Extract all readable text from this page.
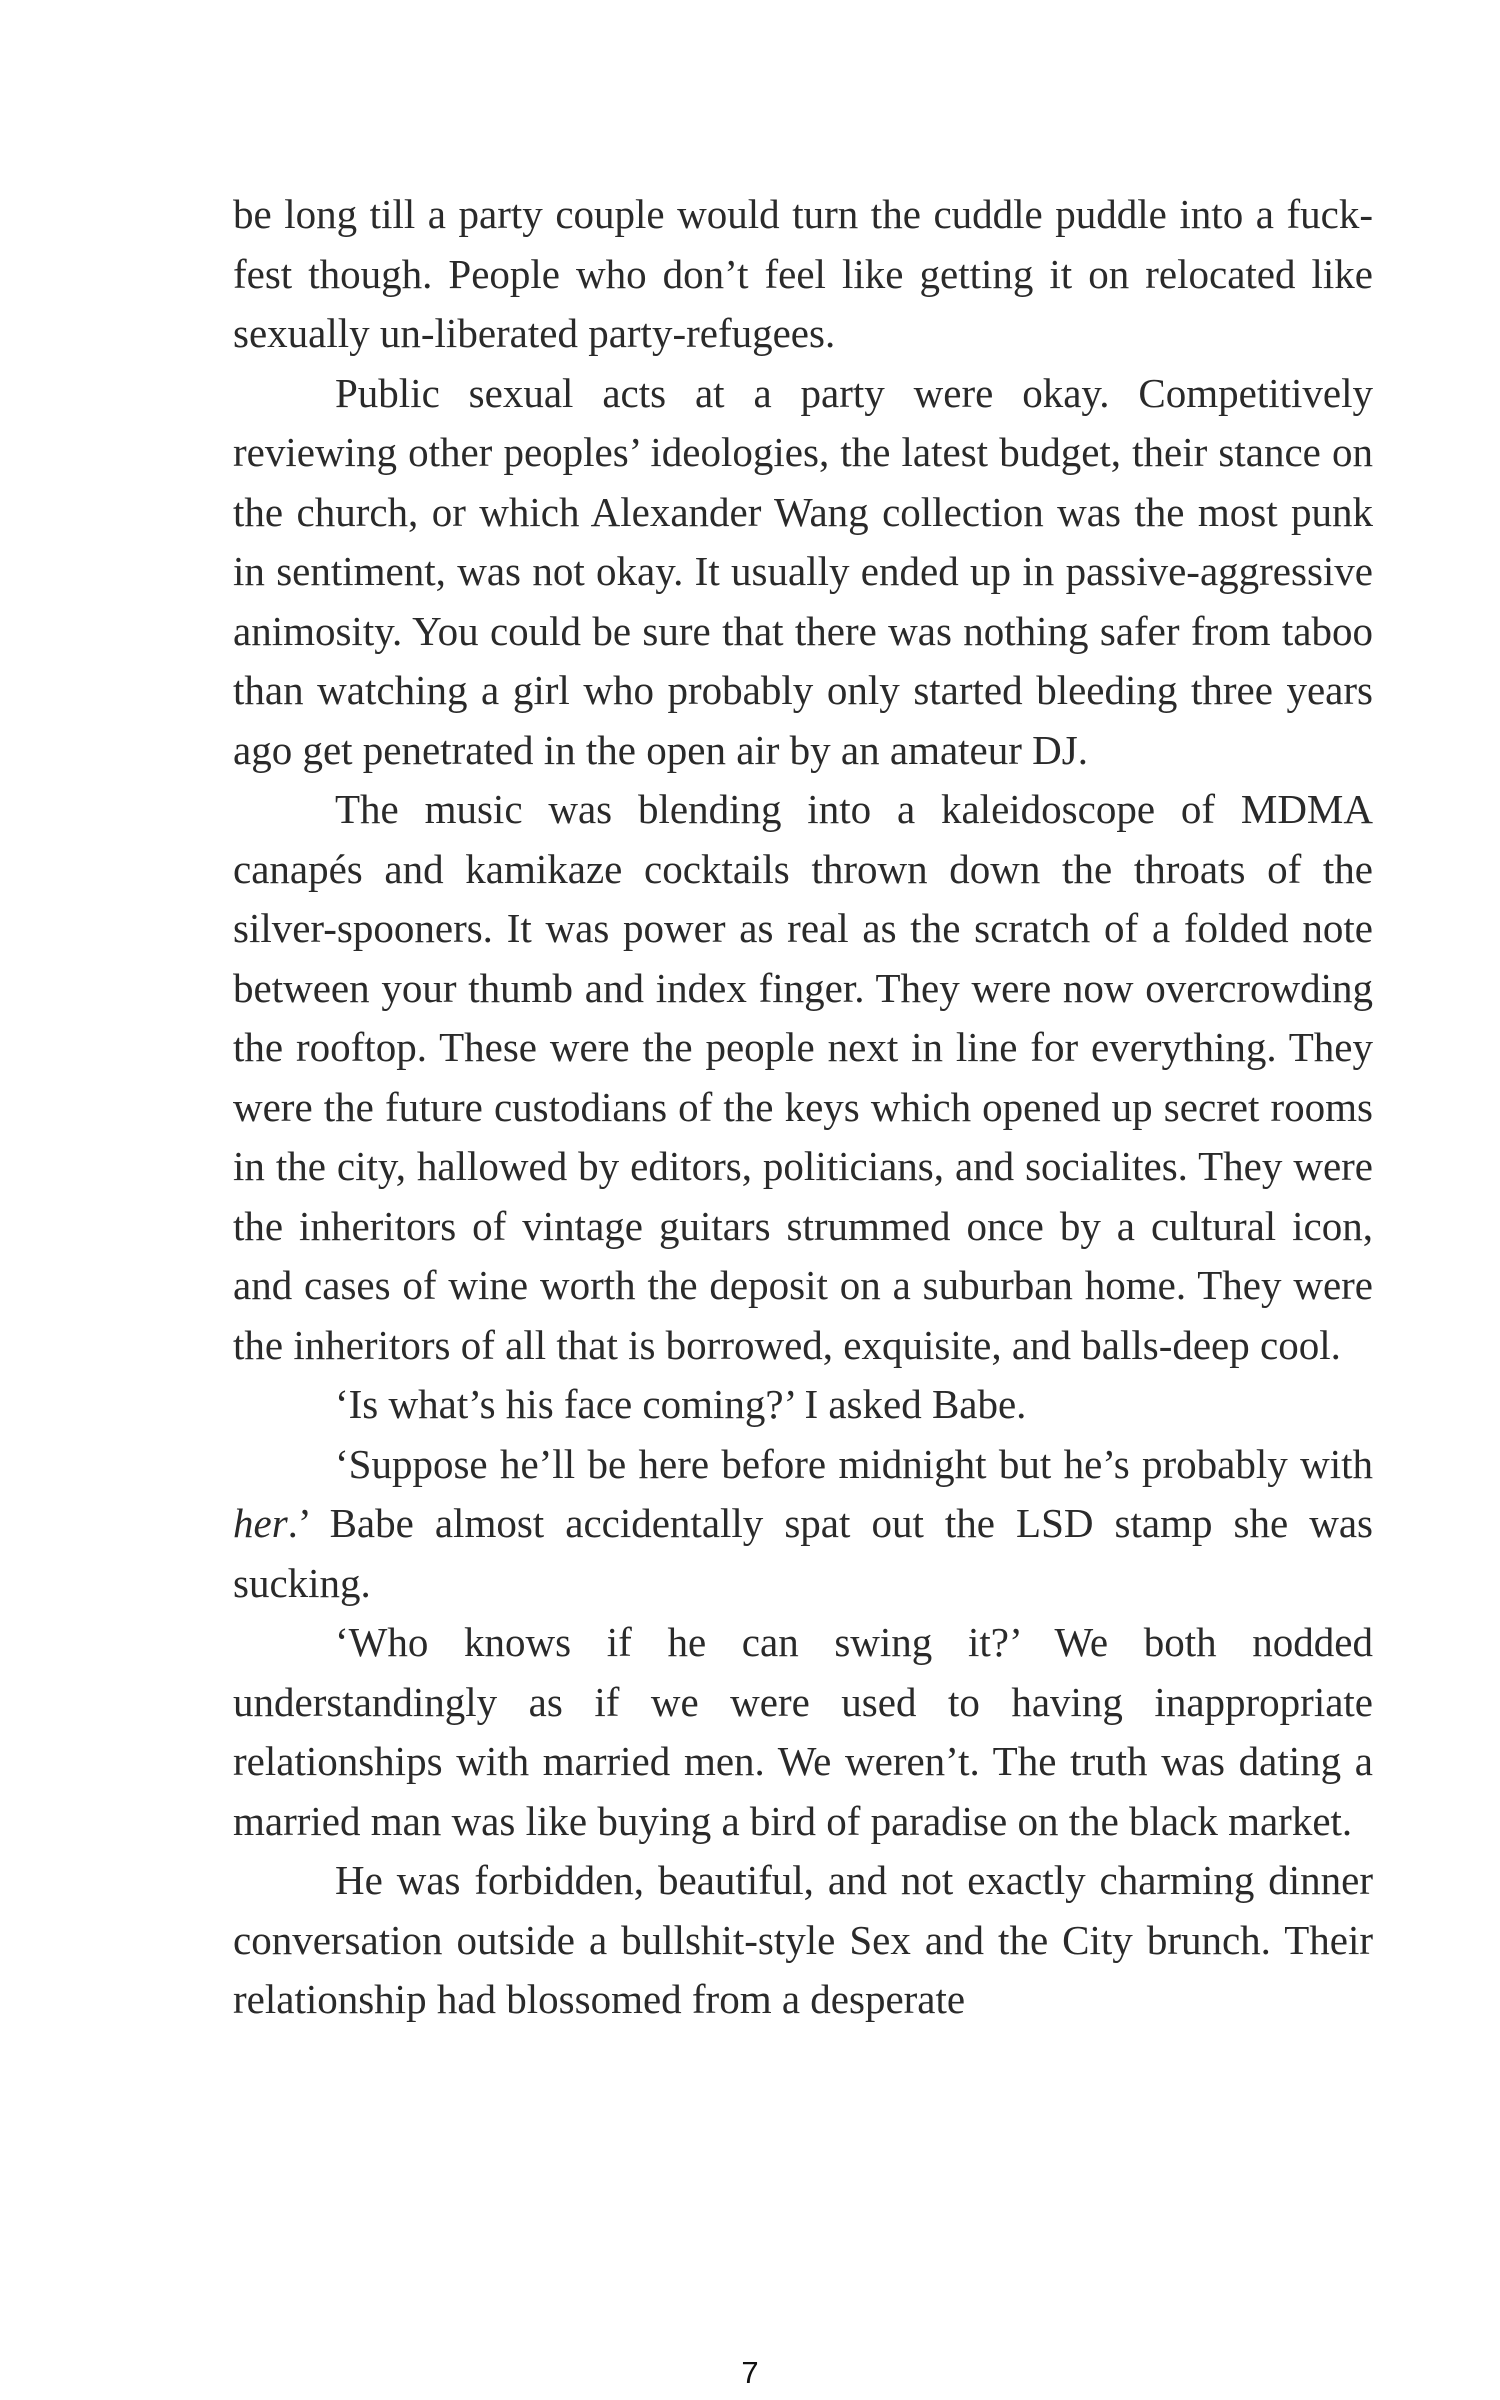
be long till a party couple would turn the cuddle puddle into a fuck-fest though. People who don’t feel like getting it on relocated like sexually un-liberated party-refugees.

Public sexual acts at a party were okay. Competitively reviewing other peoples’ ideologies, the latest budget, their stance on the church, or which Alexander Wang collection was the most punk in sentiment, was not okay. It usually ended up in passive-aggressive animosity. You could be sure that there was nothing safer from taboo than watching a girl who probably only started bleeding three years ago get penetrated in the open air by an amateur DJ.

The music was blending into a kaleidoscope of MDMA canapés and kamikaze cocktails thrown down the throats of the silver-spooners. It was power as real as the scratch of a folded note between your thumb and index finger. They were now overcrowding the rooftop. These were the people next in line for everything. They were the future custodians of the keys which opened up secret rooms in the city, hallowed by editors, politicians, and socialites. They were the inheritors of vintage guitars strummed once by a cultural icon, and cases of wine worth the deposit on a suburban home. They were the inheritors of all that is borrowed, exquisite, and balls-deep cool.

‘Is what’s his face coming?’ I asked Babe.

‘Suppose he’ll be here before midnight but he’s probably with her.’ Babe almost accidentally spat out the LSD stamp she was sucking.

‘Who knows if he can swing it?’ We both nodded understandingly as if we were used to having inappropriate relationships with married men. We weren’t. The truth was dating a married man was like buying a bird of paradise on the black market.

He was forbidden, beautiful, and not exactly charming dinner conversation outside a bullshit-style Sex and the City brunch. Their relationship had blossomed from a desperate

7
